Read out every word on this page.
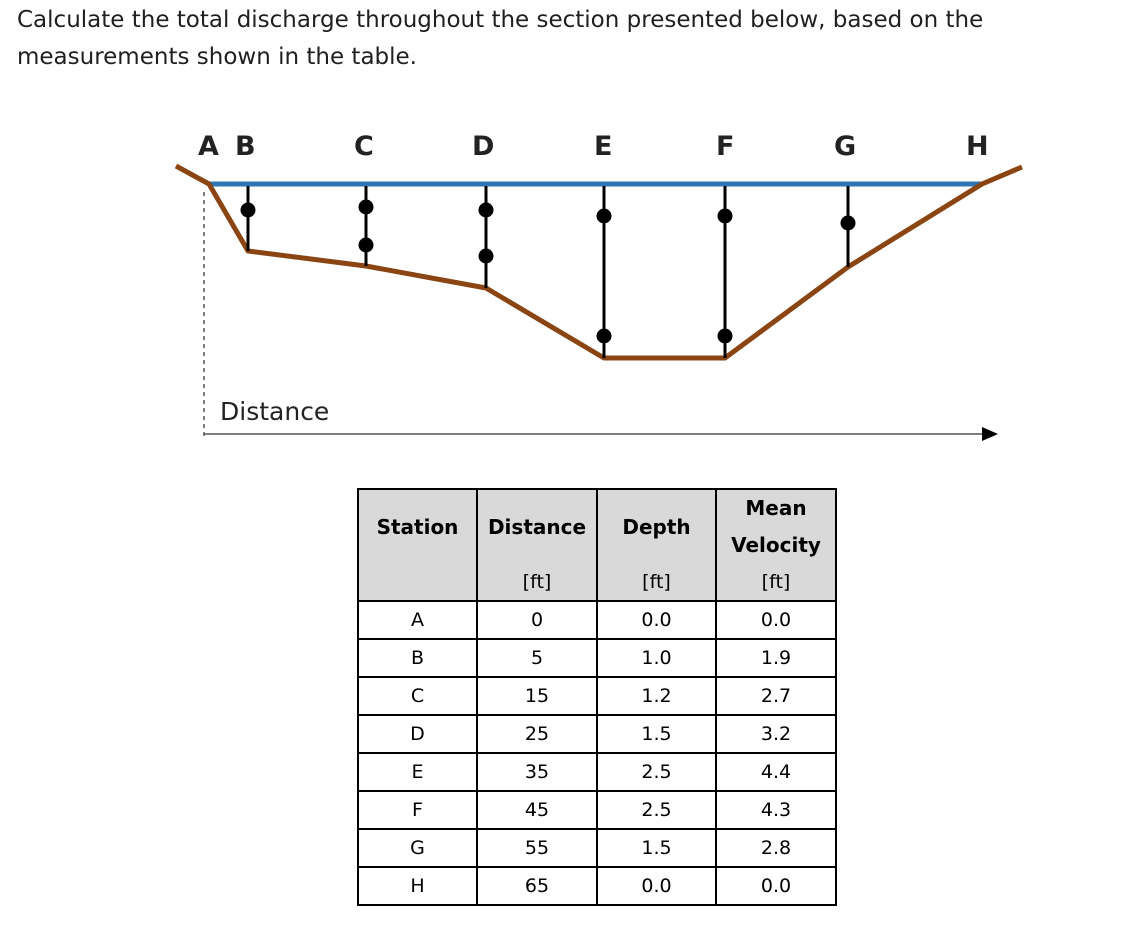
Calculate the total discharge throughout the section presented below, based on the measurements shown in the table.

A B	C	D	E	F	G	H
Distance
Station	Distance	Depth	Mean
Velocity

	[ft]	[ft]	[ft]
A	0	0.0	0.0
B	5	1.0	1.9
C	15	1.2	2.7
D	25	1.5	3.2
E	35	2.5	4.4
F	45	2.5	4.3
G	55	1.5	2.8
H	65	0.0	0.0
